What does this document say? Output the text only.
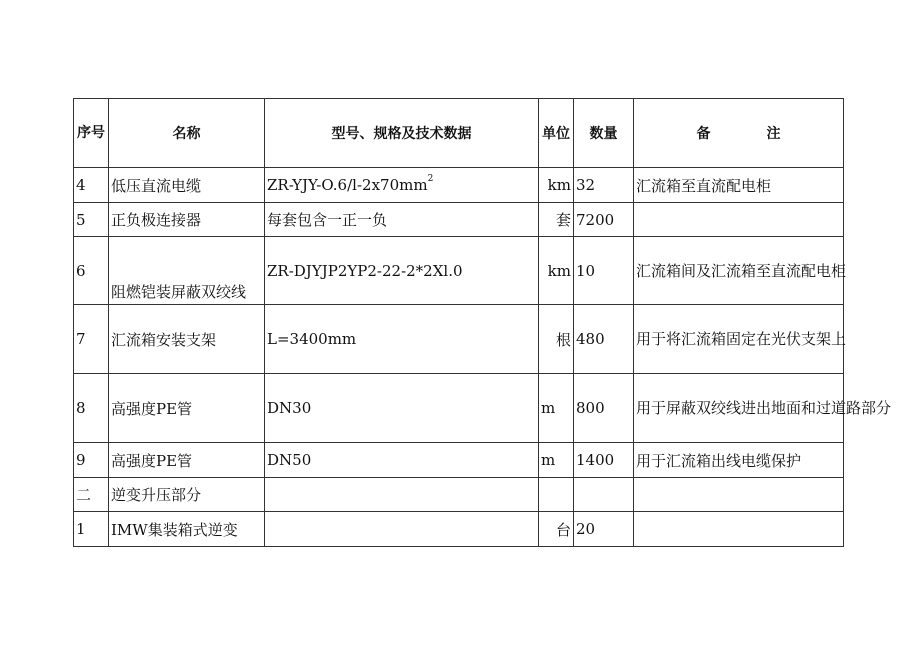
序号	名称	型号、规格及技术数据	单位	数量	备 注
4	低压直流电缆	$ZR-YJY-O.6∕l-2x70mm^2$	km	32	汇流箱至直流配电柜
5	正负极连接器	每套包含一正一负	套	7200	
6	阻燃铠装屏蔽双绞线	ZR-DJYJP2YP2-22-2*2Xl.0	km	10	汇流箱间及汇流箱至直流配电柜
7	汇流箱安装支架	L=3400mm	根	480	用于将汇流箱固定在光伏支架上
8	高强度PE管	DN30	m	800	用于屏蔽双绞线进出地面和过道路部分
9	高强度PE管	DN50	m	1400	用于汇流箱出线电缆保护
二	逆变升压部分				
1	IMW集装箱式逆变		台	20	
